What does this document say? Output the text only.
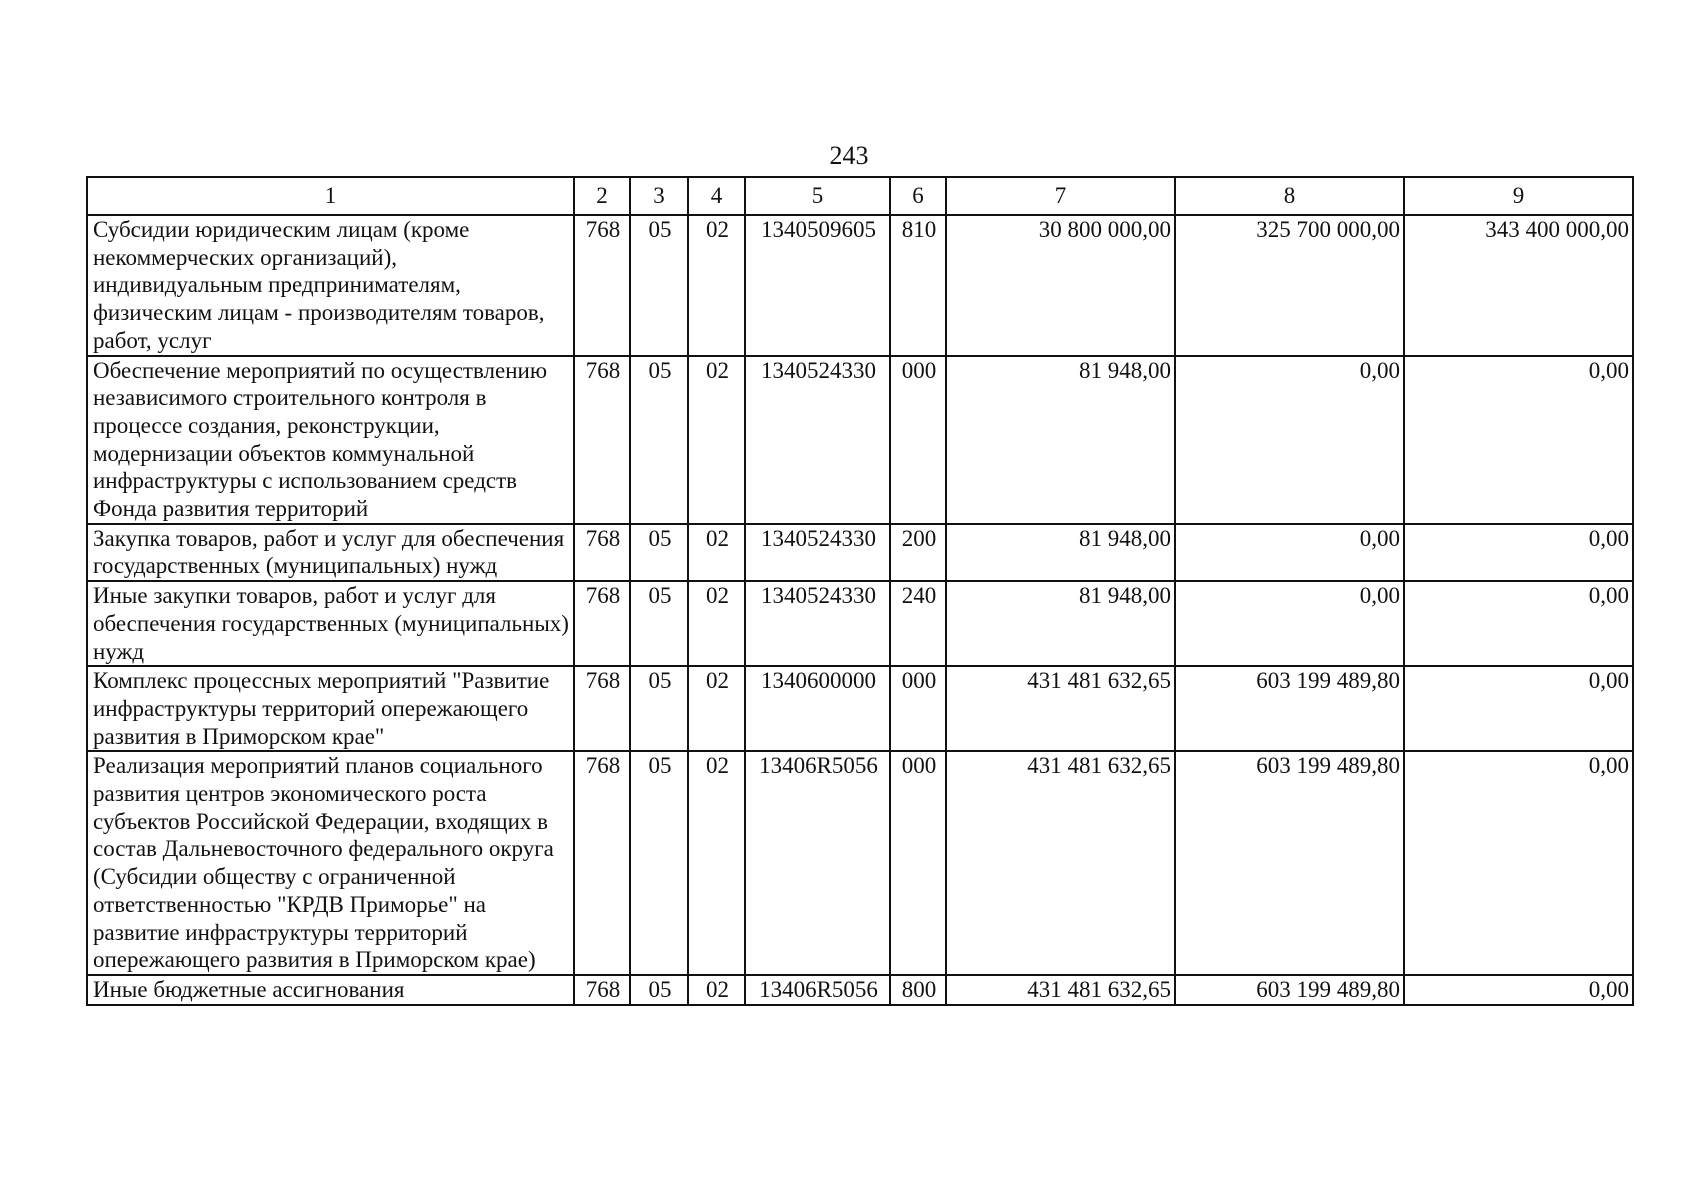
243
1	2	3	4	5	6	7	8	9
Субсидии юридическим лицам (кроме некоммерческих организаций), индивидуальным предпринимателям, физическим лицам - производителям товаров, работ, услуг	768	05	02	1340509605	810	30 800 000,00	325 700 000,00	343 400 000,00
Обеспечение мероприятий по осуществлению независимого строительного контроля в процессе создания, реконструкции, модернизации объектов коммунальной инфраструктуры с использованием средств Фонда развития территорий	768	05	02	1340524330	000	81 948,00	0,00	0,00
Закупка товаров, работ и услуг для обеспечения государственных (муниципальных) нужд	768	05	02	1340524330	200	81 948,00	0,00	0,00
Иные закупки товаров, работ и услуг для обеспечения государственных (муниципальных) нужд	768	05	02	1340524330	240	81 948,00	0,00	0,00
Комплекс процессных мероприятий "Развитие инфраструктуры территорий опережающего развития в Приморском крае"	768	05	02	1340600000	000	431 481 632,65	603 199 489,80	0,00
Реализация мероприятий планов социального развития центров экономического роста субъектов Российской Федерации, входящих в состав Дальневосточного федерального округа (Субсидии обществу с ограниченной ответственностью "КРДВ Приморье" на развитие инфраструктуры территорий опережающего развития в Приморском крае)	768	05	02	13406R5056	000	431 481 632,65	603 199 489,80	0,00
Иные бюджетные ассигнования	768	05	02	13406R5056	800	431 481 632,65	603 199 489,80	0,00
